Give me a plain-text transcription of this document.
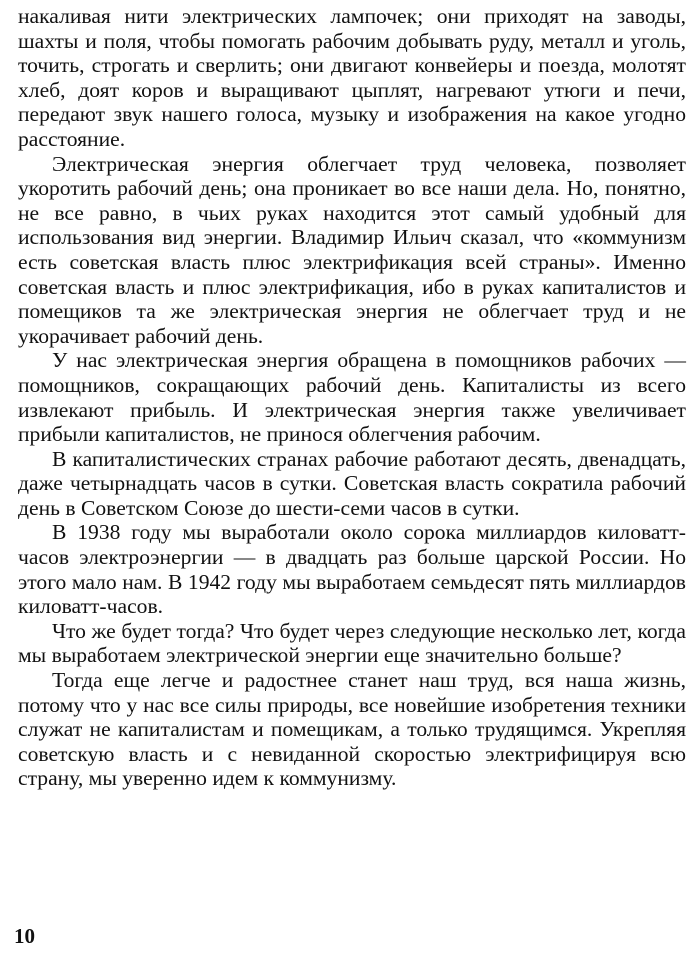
накаливая нити электрических лампочек; они приходят на заводы, шахты и поля, чтобы помогать рабочим добывать руду, металл и уголь, точить, строгать и сверлить; они двигают конвейеры и поезда, молотят хлеб, доят коров и выращивают цыплят, нагревают утюги и печи, передают звук нашего голоса, музыку и изображения на какое угодно расстояние.

Электрическая энергия облегчает труд человека, позволяет укоротить рабочий день; она проникает во все наши дела. Но, понятно, не все равно, в чьих руках находится этот самый удобный для использования вид энергии. Владимир Ильич сказал, что «коммунизм есть советская власть плюс электрификация всей страны». Именно советская власть и плюс электрификация, ибо в руках капиталистов и помещиков та же электрическая энергия не облегчает труд и не укорачивает рабочий день.

У нас электрическая энергия обращена в помощников рабочих — помощников, сокращающих рабочий день. Капиталисты из всего извлекают прибыль. И электрическая энергия также увеличивает прибыли капиталистов, не принося облегчения рабочим.

В капиталистических странах рабочие работают десять, двенадцать, даже четырнадцать часов в сутки. Советская власть сократила рабочий день в Советском Союзе до шести-семи часов в сутки.

В 1938 году мы выработали около сорока миллиардов киловатт-часов электроэнергии — в двадцать раз больше царской России. Но этого мало нам. В 1942 году мы выработаем семьдесят пять миллиардов киловатт-часов.

Что же будет тогда? Что будет через следующие несколько лет, когда мы выработаем электрической энергии еще значительно больше?

Тогда еще легче и радостнее станет наш труд, вся наша жизнь, потому что у нас все силы природы, все новейшие изобретения техники служат не капиталистам и помещикам, а только трудящимся. Укрепляя советскую власть и с невиданной скоростью электрифицируя всю страну, мы уверенно идем к коммунизму.

10
